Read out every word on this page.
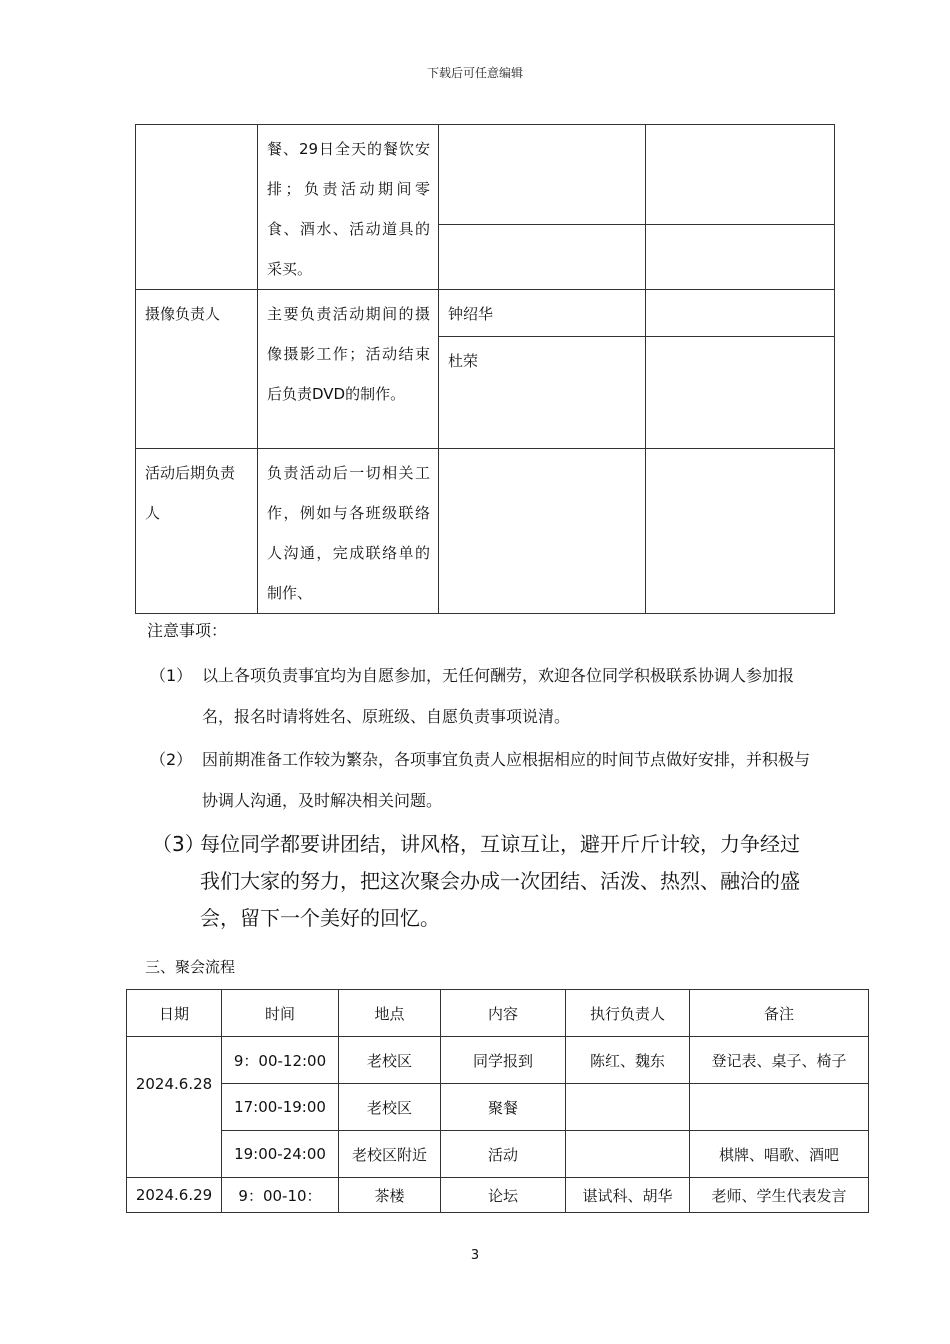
下载后可任意编辑

	餐、29日全天的餐饮安排；负责活动期间零食、酒水、活动道具的采买。		

摄像负责人	主要负责活动期间的摄像摄影工作；活动结束后负责DVD的制作。	钟绍华	

		杜荣	

活动后期负责人	负责活动后一切相关工作，例如与各班级联络人沟通，完成联络单的制作、		

注意事项：
（1） 以上各项负责事宜均为自愿参加，无任何酬劳，欢迎各位同学积极联系协调人参加报名，报名时请将姓名、原班级、自愿负责事项说清。
（2） 因前期准备工作较为繁杂，各项事宜负责人应根据相应的时间节点做好安排，并积极与协调人沟通，及时解决相关问题。
（3）
每位同学都要讲团结，讲风格，互谅互让，避开斤斤计较，力争经过我们大家的努力，把这次聚会办成一次团结、活泼、热烈、融洽的盛会，留下一个美好的回忆。
三、聚会流程
日期	时间	地点	内容	执行负责人	备注
2024.6.28	9：00-12:00	老校区	同学报到	陈红、魏东	登记表、桌子、椅子
	17:00-19:00	老校区	聚餐		
	19:00-24:00	老校区附近	活动		棋牌、唱歌、酒吧
2024.6.29	9：00-10：	茶楼	论坛	谌试科、胡华	老师、学生代表发言
3
